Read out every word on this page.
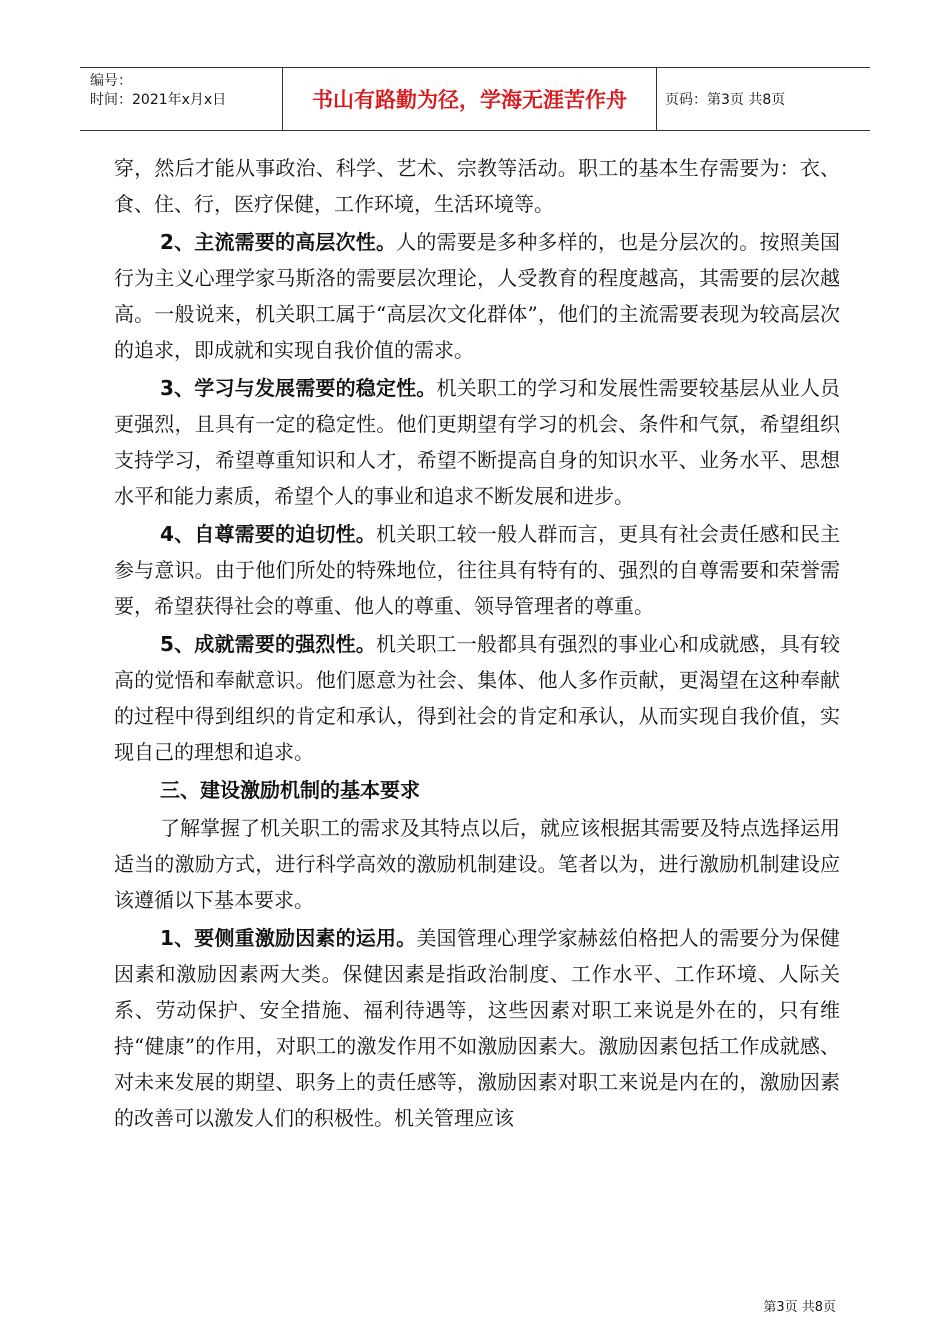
编号：
时间：2021年x月x日	书山有路勤为径，学海无涯苦作舟	页码：第3页 共8页

穿，然后才能从事政治、科学、艺术、宗教等活动。职工的基本生存需要为：衣、食、住、行，医疗保健，工作环境，生活环境等。

2、主流需要的高层次性。人的需要是多种多样的，也是分层次的。按照美国行为主义心理学家马斯洛的需要层次理论，人受教育的程度越高，其需要的层次越高。一般说来，机关职工属于“高层次文化群体”，他们的主流需要表现为较高层次的追求，即成就和实现自我价值的需求。

3、学习与发展需要的稳定性。机关职工的学习和发展性需要较基层从业人员更强烈，且具有一定的稳定性。他们更期望有学习的机会、条件和气氛，希望组织支持学习，希望尊重知识和人才，希望不断提高自身的知识水平、业务水平、思想水平和能力素质，希望个人的事业和追求不断发展和进步。

4、自尊需要的迫切性。机关职工较一般人群而言，更具有社会责任感和民主参与意识。由于他们所处的特殊地位，往往具有特有的、强烈的自尊需要和荣誉需要，希望获得社会的尊重、他人的尊重、领导管理者的尊重。

5、成就需要的强烈性。机关职工一般都具有强烈的事业心和成就感，具有较高的觉悟和奉献意识。他们愿意为社会、集体、他人多作贡献，更渴望在这种奉献的过程中得到组织的肯定和承认，得到社会的肯定和承认，从而实现自我价值，实现自己的理想和追求。

三、建设激励机制的基本要求

了解掌握了机关职工的需求及其特点以后，就应该根据其需要及特点选择运用适当的激励方式，进行科学高效的激励机制建设。笔者以为，进行激励机制建设应该遵循以下基本要求。

1、要侧重激励因素的运用。美国管理心理学家赫兹伯格把人的需要分为保健因素和激励因素两大类。保健因素是指政治制度、工作水平、工作环境、人际关系、劳动保护、安全措施、福利待遇等，这些因素对职工来说是外在的，只有维持“健康”的作用，对职工的激发作用不如激励因素大。激励因素包括工作成就感、对未来发展的期望、职务上的责任感等，激励因素对职工来说是内在的，激励因素的改善可以激发人们的积极性。机关管理应该

第3页 共8页
